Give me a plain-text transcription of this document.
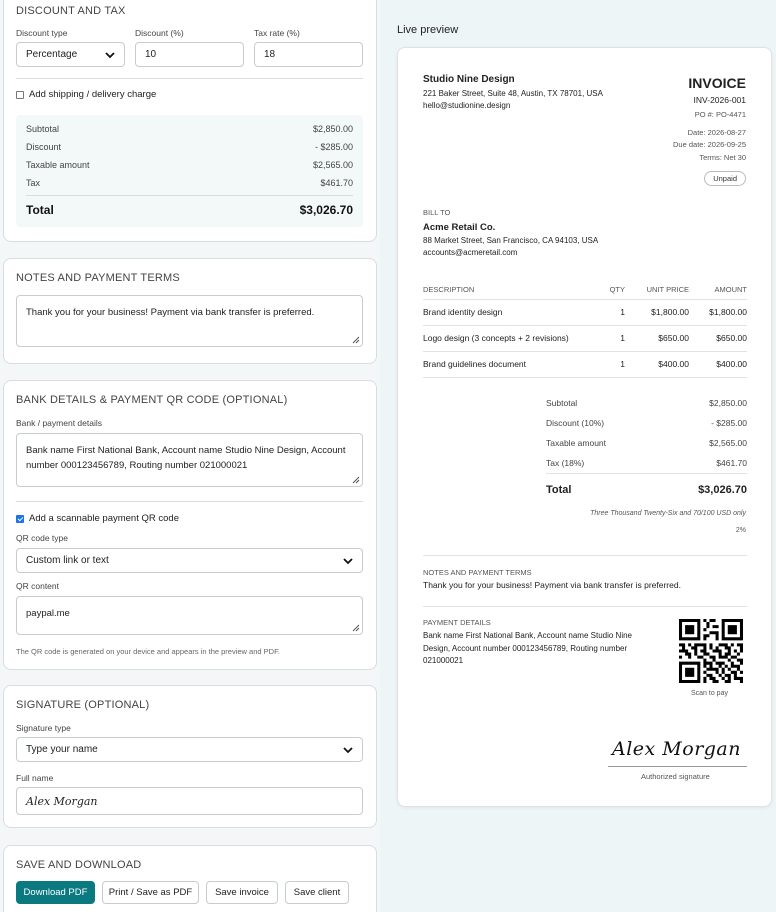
DISCOUNT AND TAX
Discount type
Percentage
Discount (%)
10
Tax rate (%)
18
Add shipping / delivery charge
Subtotal	$2,850.00
Discount	- $285.00
Taxable amount	$2,565.00
Tax	$461.70
Total	$3,026.70
NOTES AND PAYMENT TERMS
Thank you for your business! Payment via bank transfer is preferred.
BANK DETAILS & PAYMENT QR CODE (OPTIONAL)
Bank / payment details
Bank name First National Bank, Account name Studio Nine Design, Account number 000123456789, Routing number 021000021
Add a scannable payment QR code
QR code type
Custom link or text
QR content
paypal.me
The QR code is generated on your device and appears in the preview and PDF.
SIGNATURE (OPTIONAL)
Signature type
Type your name
Full name
Alex Morgan
SAVE AND DOWNLOAD
Download PDF	Print / Save as PDF	Save invoice	Save client
Live preview
Studio Nine Design
221 Baker Street, Suite 48, Austin, TX 78701, USA
hello@studionine.design
INVOICE
INV-2026-001
PO #: PO-4471
Date: 2026-08-27
Due date: 2026-09-25
Terms: Net 30
Unpaid
BILL TO
Acme Retail Co.
88 Market Street, San Francisco, CA 94103, USA
accounts@acmeretail.com
DESCRIPTION	QTY	UNIT PRICE	AMOUNT
Brand identity design	1	$1,800.00 $1,800.00
Logo design (3 concepts + 2 revisions)	1	$650.00	$650.00
Brand guidelines document	1	$400.00	$400.00
Subtotal	$2,850.00
Discount (10%)	- $285.00
Taxable amount	$2,565.00
Tax (18%)	$461.70
Total	$3,026.70
Three Thousand Twenty-Six and 70/100 USD only
2%
NOTES AND PAYMENT TERMS
Thank you for your business! Payment via bank transfer is preferred.
PAYMENT DETAILS
Bank name First National Bank, Account name Studio Nine Design, Account number 000123456789, Routing number 021000021
Scan to pay
Alex Morgan
Authorized signature
